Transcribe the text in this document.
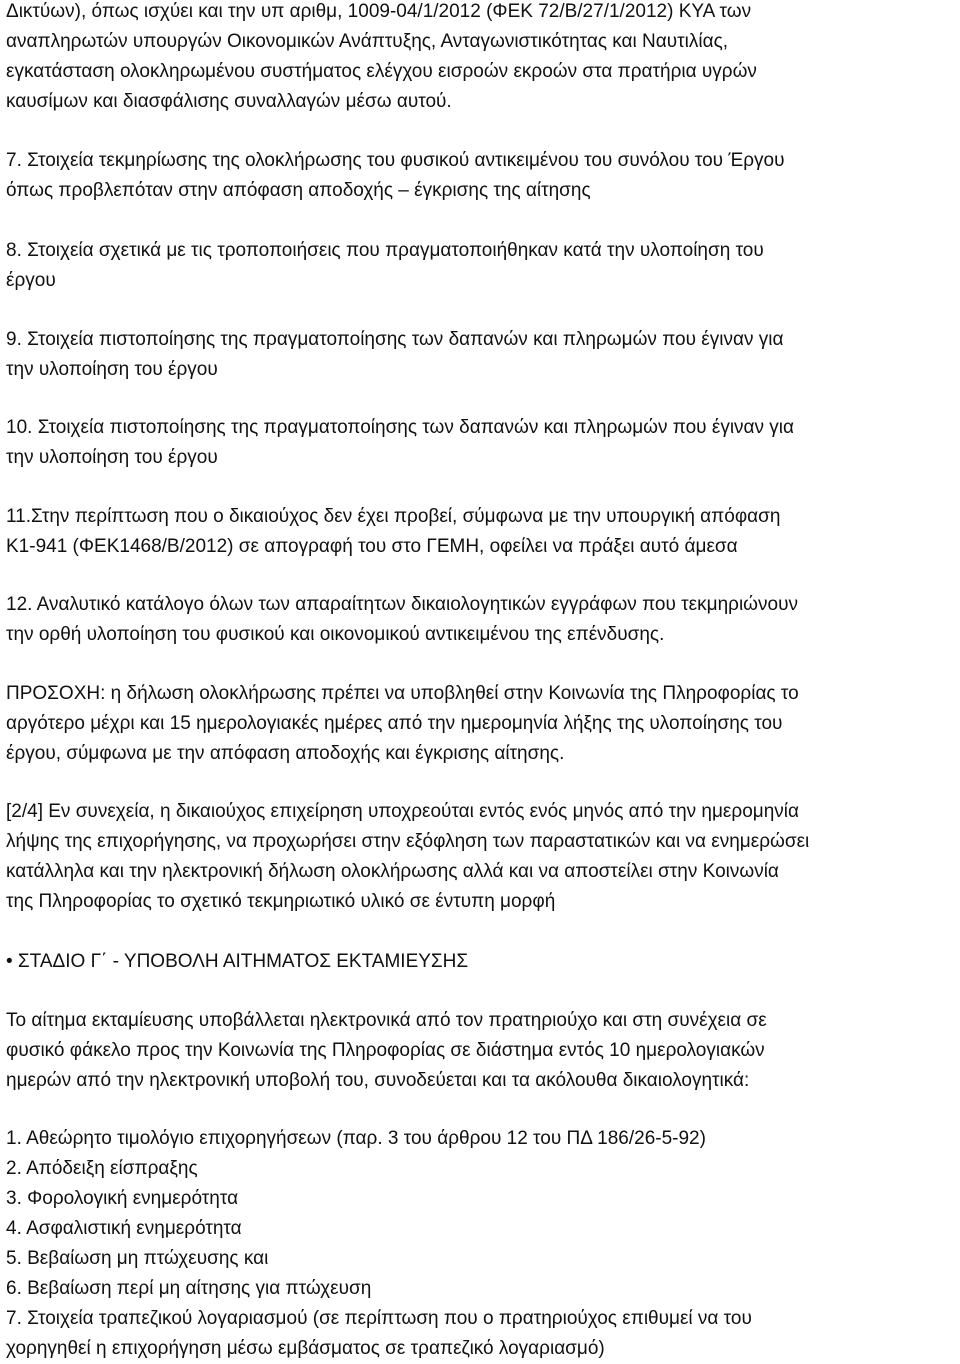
Δικτύων), όπως ισχύει και την υπ αριθμ, 1009-04/1/2012 (ΦΕΚ 72/Β/27/1/2012) ΚΥΑ των
αναπληρωτών υπουργών Οικονομικών Ανάπτυξης, Ανταγωνιστικότητας και Ναυτιλίας,
εγκατάσταση ολοκληρωμένου συστήματος ελέγχου εισροών εκροών στα πρατήρια υγρών
καυσίμων και διασφάλισης συναλλαγών μέσω αυτού.
7. Στοιχεία τεκμηρίωσης της ολοκλήρωσης του φυσικού αντικειμένου του συνόλου του Έργου
όπως προβλεπόταν στην απόφαση αποδοχής – έγκρισης της αίτησης
8. Στοιχεία σχετικά με τις τροποποιήσεις που πραγματοποιήθηκαν κατά την υλοποίηση του
έργου
9. Στοιχεία πιστοποίησης της πραγματοποίησης των δαπανών και πληρωμών που έγιναν για
την υλοποίηση του έργου
10. Στοιχεία πιστοποίησης της πραγματοποίησης των δαπανών και πληρωμών που έγιναν για
την υλοποίηση του έργου
11.Στην περίπτωση που ο δικαιούχος δεν έχει προβεί, σύμφωνα με την υπουργική απόφαση
Κ1-941 (ΦΕΚ1468/Β/2012) σε απογραφή του στο ΓΕΜΗ, οφείλει να πράξει αυτό άμεσα
12. Αναλυτικό κατάλογο όλων των απαραίτητων δικαιολογητικών εγγράφων που τεκμηριώνουν
την ορθή υλοποίηση του φυσικού και οικονομικού αντικειμένου της επένδυσης.
ΠΡΟΣΟΧΗ: η δήλωση ολοκλήρωσης πρέπει να υποβληθεί στην Κοινωνία της Πληροφορίας το
αργότερο μέχρι και 15 ημερολογιακές ημέρες από την ημερομηνία λήξης της υλοποίησης του
έργου, σύμφωνα με την απόφαση αποδοχής και έγκρισης αίτησης.
[2/4] Εν συνεχεία, η δικαιούχος επιχείρηση υποχρεούται εντός ενός μηνός από την ημερομηνία
λήψης της επιχορήγησης, να προχωρήσει στην εξόφληση των παραστατικών και να ενημερώσει
κατάλληλα και την ηλεκτρονική δήλωση ολοκλήρωσης αλλά και να αποστείλει στην Κοινωνία
της Πληροφορίας το σχετικό τεκμηριωτικό υλικό σε έντυπη μορφή
• ΣΤΑΔΙΟ Γ΄ - ΥΠΟΒΟΛΗ ΑΙΤΗΜΑΤΟΣ ΕΚΤΑΜΙΕΥΣΗΣ
Το αίτημα εκταμίευσης υποβάλλεται ηλεκτρονικά από τον πρατηριούχο και στη συνέχεια σε
φυσικό φάκελο προς την Κοινωνία της Πληροφορίας σε διάστημα εντός 10 ημερολογιακών
ημερών από την ηλεκτρονική υποβολή του, συνοδεύεται και τα ακόλουθα δικαιολογητικά:
1. Αθεώρητο τιμολόγιο επιχορηγήσεων (παρ. 3 του άρθρου 12 του ΠΔ 186/26-5-92)
2. Απόδειξη είσπραξης
3. Φορολογική ενημερότητα
4. Ασφαλιστική ενημερότητα
5. Βεβαίωση μη πτώχευσης και
6. Βεβαίωση περί μη αίτησης για πτώχευση
7. Στοιχεία τραπεζικού λογαριασμού (σε περίπτωση που ο πρατηριούχος επιθυμεί να του
χορηγηθεί η επιχορήγηση μέσω εμβάσματος σε τραπεζικό λογαριασμό)
